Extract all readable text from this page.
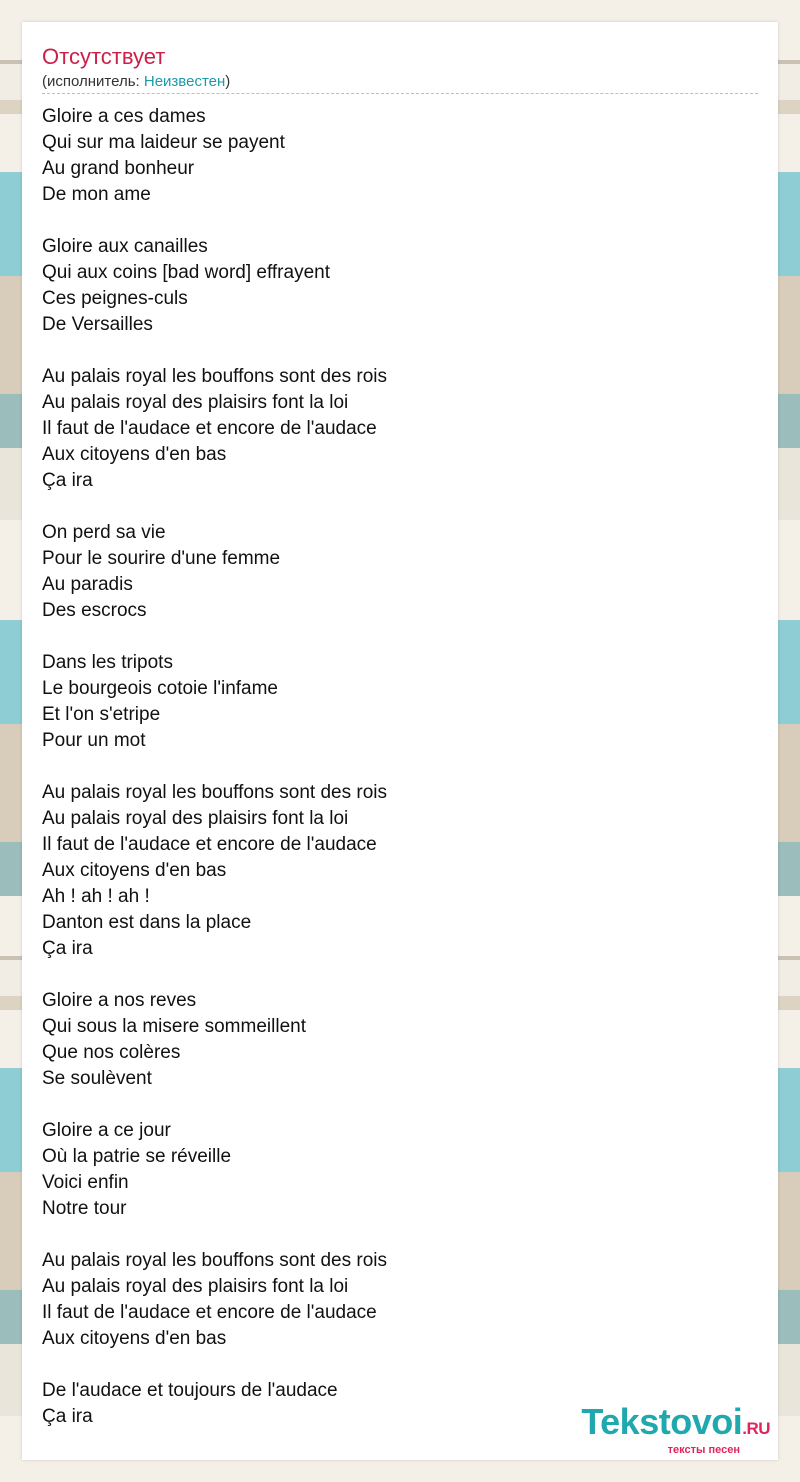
Отсутствует
(исполнитель: Неизвестен)
Gloire a ces dames
Qui sur ma laideur se payent
Au grand bonheur
De mon ame
Gloire aux canailles
Qui aux coins [bad word] effrayent
Ces peignes-culs
De Versailles
Au palais royal les bouffons sont des rois
Au palais royal des plaisirs font la loi
Il faut de l'audace et encore de l'audace
Aux citoyens d'en bas
Ça ira
On perd sa vie
Pour le sourire d'une femme
Au paradis
Des escrocs
Dans les tripots
Le bourgeois cotoie l'infame
Et l'on s'etripe
Pour un mot
Au palais royal les bouffons sont des rois
Au palais royal des plaisirs font la loi
Il faut de l'audace et encore de l'audace
Aux citoyens d'en bas
Ah ! ah ! ah !
Danton est dans la place
Ça ira
Gloire a nos reves
Qui sous la misere sommeillent
Que nos colères
Se soulèvent
Gloire a ce jour
Où la patrie se réveille
Voici enfin
Notre tour
Au palais royal les bouffons sont des rois
Au palais royal des plaisirs font la loi
Il faut de l'audace et encore de l'audace
Aux citoyens d'en bas
De l'audace et toujours de l'audace
Ça ira	Tekstovoi.RU
тексты песен
